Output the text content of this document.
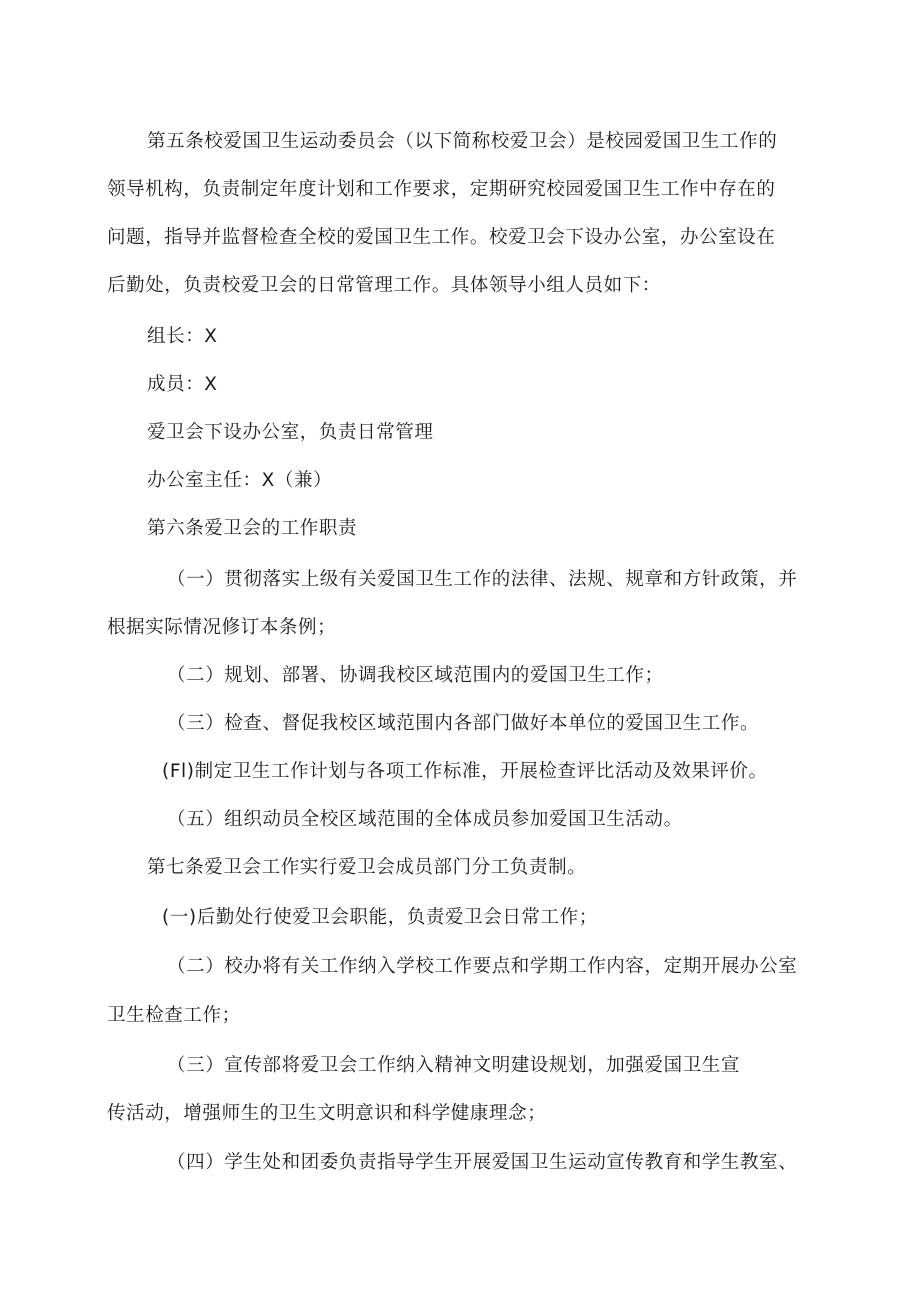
第五条校爱国卫生运动委员会（以下简称校爱卫会）是校园爱国卫生工作的
领导机构，负责制定年度计划和工作要求，定期研究校园爱国卫生工作中存在的
问题，指导并监督检查全校的爱国卫生工作。校爱卫会下设办公室，办公室设在
后勤处，负责校爱卫会的日常管理工作。具体领导小组人员如下：
组长：X
成员：X
爱卫会下设办公室，负责日常管理
办公室主任：X（兼）
第六条爱卫会的工作职责
（一）贯彻落实上级有关爱国卫生工作的法律、法规、规章和方针政策，并
根据实际情况修订本条例；
（二）规划、部署、协调我校区域范围内的爱国卫生工作；
（三）检查、督促我校区域范围内各部门做好本单位的爱国卫生工作。
(Fl)制定卫生工作计划与各项工作标准，开展检查评比活动及效果评价。
（五）组织动员全校区域范围的全体成员参加爱国卫生活动。
第七条爱卫会工作实行爱卫会成员部门分工负责制。
(一)后勤处行使爱卫会职能，负责爱卫会日常工作；
（二）校办将有关工作纳入学校工作要点和学期工作内容，定期开展办公室
卫生检查工作；
（三）宣传部将爱卫会工作纳入精神文明建设规划，加强爱国卫生宣
传活动，增强师生的卫生文明意识和科学健康理念；
（四）学生处和团委负责指导学生开展爱国卫生运动宣传教育和学生教室、
